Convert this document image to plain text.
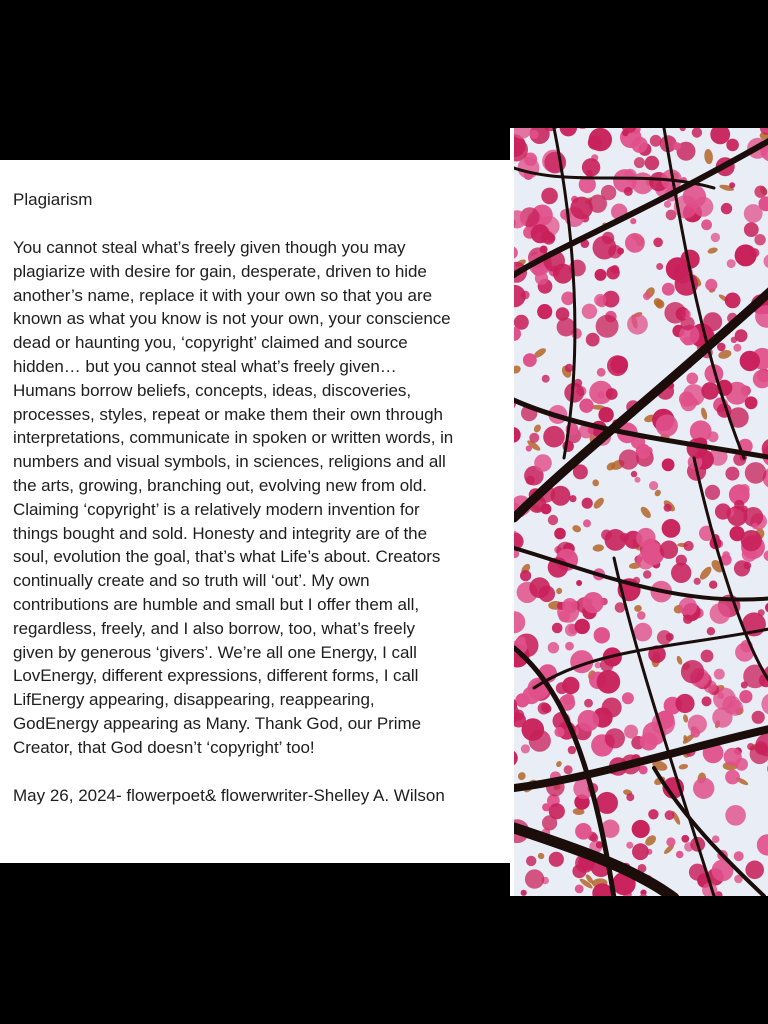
Plagiarism
You cannot steal what’s freely given though you may
plagiarize with desire for gain, desperate, driven to hide
another’s name, replace it with your own so that you are
known as what you know is not your own, your conscience
dead or haunting you, ‘copyright’ claimed and source
hidden… but you cannot steal what’s freely given…
Humans borrow beliefs, concepts, ideas, discoveries,
processes, styles, repeat or make them their own through
interpretations, communicate in spoken or written words, in
numbers and visual symbols, in sciences, religions and all
the arts, growing, branching out, evolving new from old.
Claiming ‘copyright’ is a relatively modern invention for
things bought and sold. Honesty and integrity are of the
soul, evolution the goal, that’s what Life’s about. Creators
continually create and so truth will ‘out’. My own
contributions are humble and small but I offer them all,
regardless, freely, and I also borrow, too, what’s freely
given by generous ‘givers’. We’re all one Energy, I call
LovEnergy, different expressions, different forms, I call
LifEnergy appearing, disappearing, reappearing,
GodEnergy appearing as Many. Thank God, our Prime
Creator, that God doesn’t ‘copyright’ too!

May 26, 2024- flowerpoet& flowerwriter-Shelley A. Wilson
